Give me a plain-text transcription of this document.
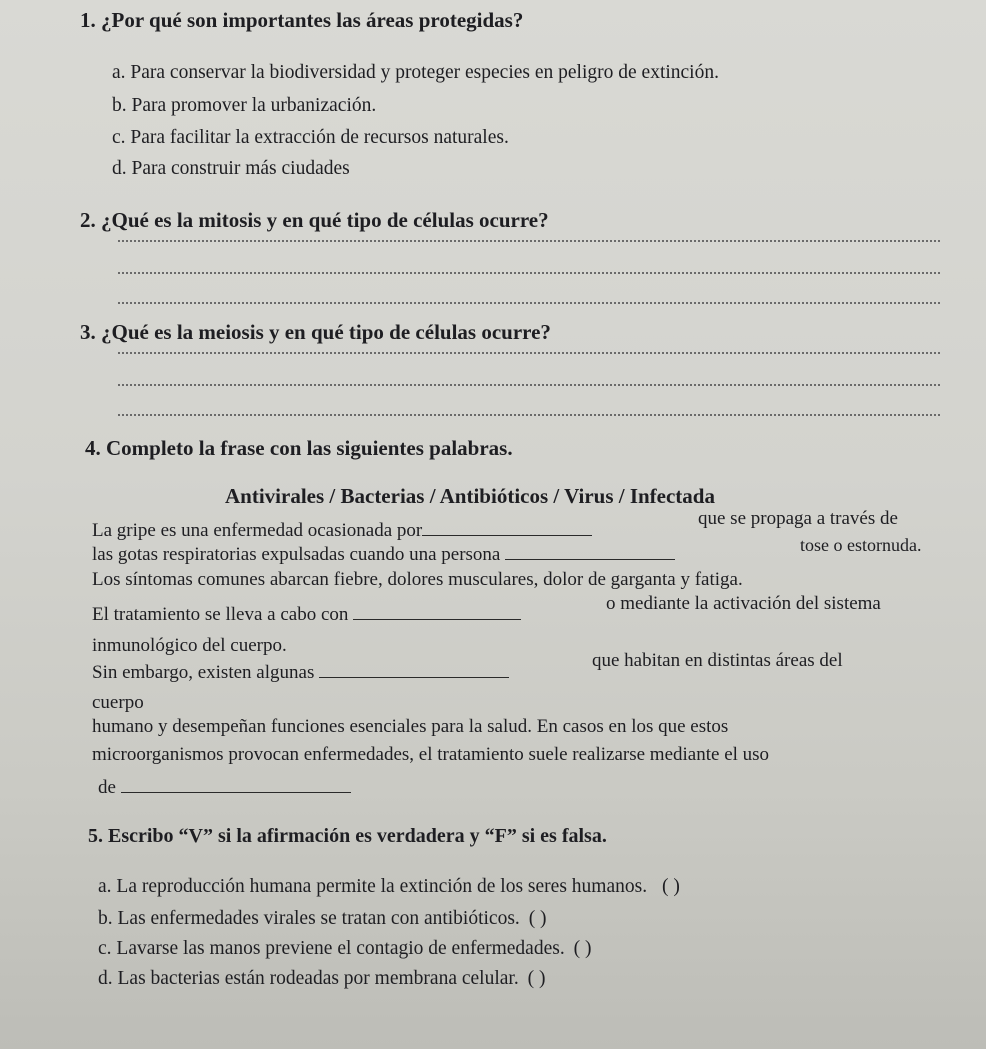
1. ¿Por qué son importantes las áreas protegidas?
a. Para conservar la biodiversidad y proteger especies en peligro de extinción.
b. Para promover la urbanización.
c. Para facilitar la extracción de recursos naturales.
d. Para construir más ciudades
2. ¿Qué es la mitosis y en qué tipo de células ocurre?
3. ¿Qué es la meiosis y en qué tipo de células ocurre?
4. Completo la frase con las siguientes palabras.
Antivirales / Bacterias / Antibióticos / Virus / Infectada
La gripe es una enfermedad ocasionada por
que se propaga a través de
las gotas respiratorias expulsadas cuando una persona	tose o estornuda.
Los síntomas comunes abarcan fiebre, dolores musculares, dolor de garganta y fatiga.
El tratamiento se lleva a cabo con
o mediante la activación del sistema
inmunológico del cuerpo.
Sin embargo, existen algunas
que habitan en distintas áreas del
cuerpo
humano y desempeñan funciones esenciales para la salud. En casos en los que estos
microorganismos provocan enfermedades, el tratamiento suele realizarse mediante el uso
de
5. Escribo “V” si la afirmación es verdadera y “F” si es falsa.
a. La reproducción humana permite la extinción de los seres humanos. ( )
b. Las enfermedades virales se tratan con antibióticos. ( )
c. Lavarse las manos previene el contagio de enfermedades. ( )
d. Las bacterias están rodeadas por membrana celular. ( )
